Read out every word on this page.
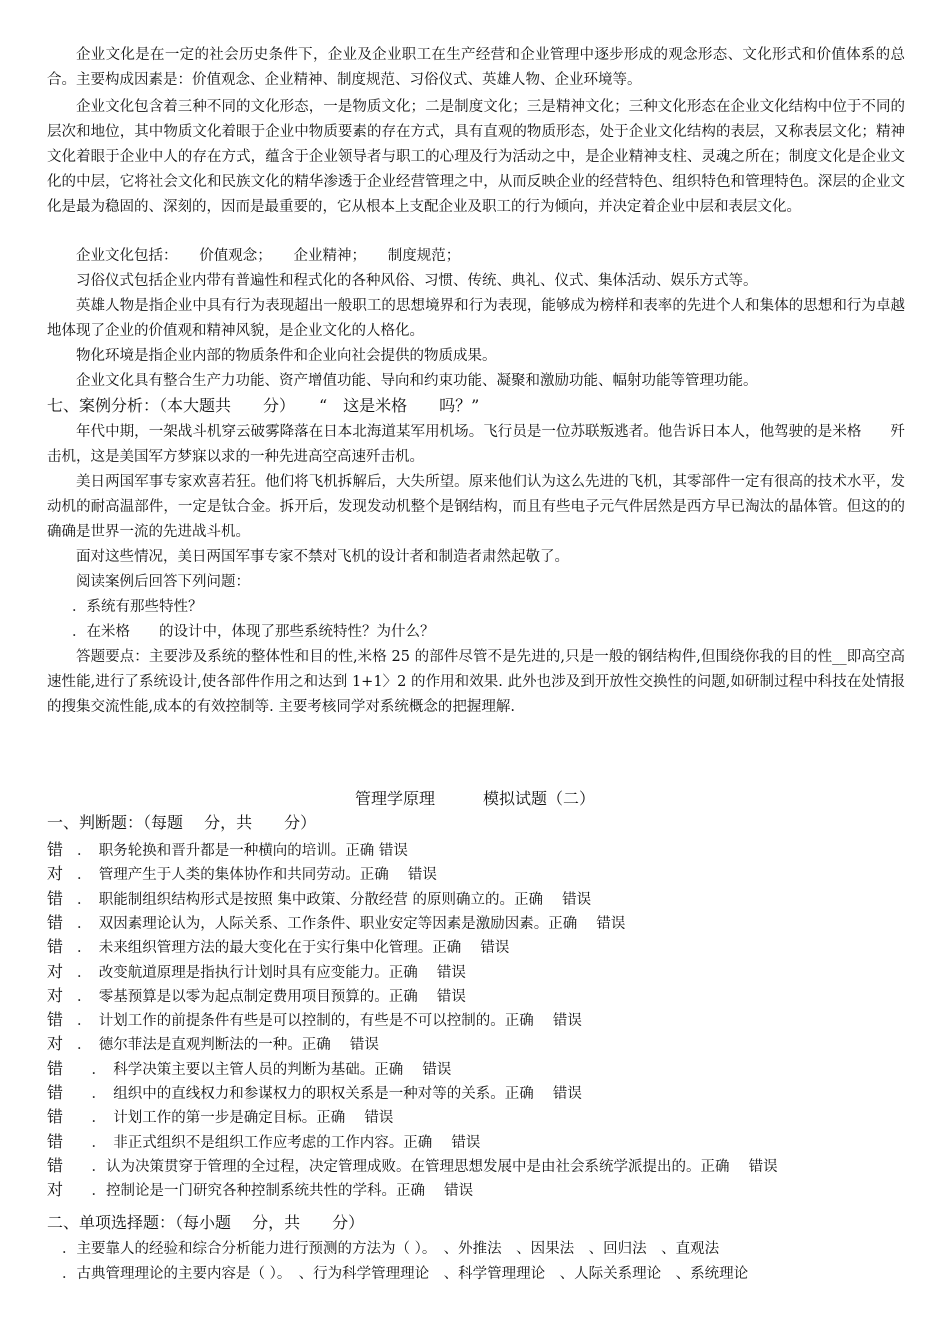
企业文化是在一定的社会历史条件下，企业及企业职工在生产经营和企业管理中逐步形成的观念形态、文化形式和价值体系的总合。主要构成因素是：价值观念、企业精神、制度规范、习俗仪式、英雄人物、企业环境等。

企业文化包含着三种不同的文化形态，一是物质文化；二是制度文化；三是精神文化；三种文化形态在企业文化结构中位于不同的层次和地位，其中物质文化着眼于企业中物质要素的存在方式，具有直观的物质形态，处于企业文化结构的表层，又称表层文化；精神文化着眼于企业中人的存在方式，蕴含于企业领导者与职工的心理及行为活动之中，是企业精神支柱、灵魂之所在；制度文化是企业文化的中层，它将社会文化和民族文化的精华渗透于企业经营管理之中，从而反映企业的经营特色、组织特色和管理特色。深层的企业文化是最为稳固的、深刻的，因而是最重要的，它从根本上支配企业及职工的行为倾向，并决定着企业中层和表层文化。

企业文化包括：　　价值观念；　　企业精神；　　制度规范；

习俗仪式包括企业内带有普遍性和程式化的各种风俗、习惯、传统、典礼、仪式、集体活动、娱乐方式等。

英雄人物是指企业中具有行为表现超出一般职工的思想境界和行为表现，能够成为榜样和表率的先进个人和集体的思想和行为卓越地体现了企业的价值观和精神风貌，是企业文化的人格化。

物化环境是指企业内部的物质条件和企业向社会提供的物质成果。

企业文化具有整合生产力功能、资产增值功能、导向和约束功能、凝聚和激励功能、幅射功能等管理功能。

七、案例分析：（本大题共　　分）　　“　这是米格　　吗？”

年代中期，一架战斗机穿云破雾降落在日本北海道某军用机场。飞行员是一位苏联叛逃者。他告诉日本人，他驾驶的是米格　　歼击机，这是美国军方梦寐以求的一种先进高空高速歼击机。

美日两国军事专家欢喜若狂。他们将飞机拆解后，大失所望。原来他们认为这么先进的飞机，其零部件一定有很高的技术水平，发动机的耐高温部件，一定是钛合金。拆开后，发现发动机整个是钢结构，而且有些电子元气件居然是西方早已淘汰的晶体管。但这的的确确是世界一流的先进战斗机。

面对这些情况，美日两国军事专家不禁对飞机的设计者和制造者肃然起敬了。

阅读案例后回答下列问题：

．系统有那些特性？

．在米格　　的设计中，体现了那些系统特性？为什么？

答题要点：主要涉及系统的整体性和目的性,米格 25 的部件尽管不是先进的,只是一般的钢结构件,但围绕你我的目的性__即高空高速性能,进行了系统设计,使各部件作用之和达到 1+1〉2 的作用和效果. 此外也涉及到开放性交换性的问题,如研制过程中科技在处情报的搜集交流性能,成本的有效控制等. 主要考核同学对系统概念的把握理解.

管理学原理　　　模拟试题（二）

一、判断题：（每题　 分，共　　分）

错 ．　职务轮换和晋升都是一种横向的培训。正确 错误

对 ．　管理产生于人类的集体协作和共同劳动。正确　 错误

错 ．　职能制组织结构形式是按照 集中政策、分散经营 的原则确立的。正确　 错误

错 ．　双因素理论认为，人际关系、工作条件、职业安定等因素是激励因素。正确　 错误

错 ．　未来组织管理方法的最大变化在于实行集中化管理。正确　 错误

对 ．　改变航道原理是指执行计划时具有应变能力。正确　 错误

对 ．　零基预算是以零为起点制定费用项目预算的。正确　 错误

错 ．　计划工作的前提条件有些是可以控制的，有些是不可以控制的。正确　 错误

对 ．　德尔菲法是直观判断法的一种。正确　 错误

错　．　科学决策主要以主管人员的判断为基础。正确　 错误

错　．　组织中的直线权力和参谋权力的职权关系是一种对等的关系。正确　 错误

错　．　计划工作的第一步是确定目标。正确　 错误

错　．　非正式组织不是组织工作应考虑的工作内容。正确　 错误

错　．认为决策贯穿于管理的全过程，决定管理成败。在管理思想发展中是由社会系统学派提出的。正确　 错误

对　．控制论是一门研究各种控制系统共性的学科。正确　 错误

二、单项选择题：（每小题　 分，共　　分）

．主要靠人的经验和综合分析能力进行预测的方法为（ ）。　、外推法　、因果法　、回归法　、直观法

．古典管理理论的主要内容是（ ）。　、行为科学管理理论　、科学管理理论　、人际关系理论　、系统理论
